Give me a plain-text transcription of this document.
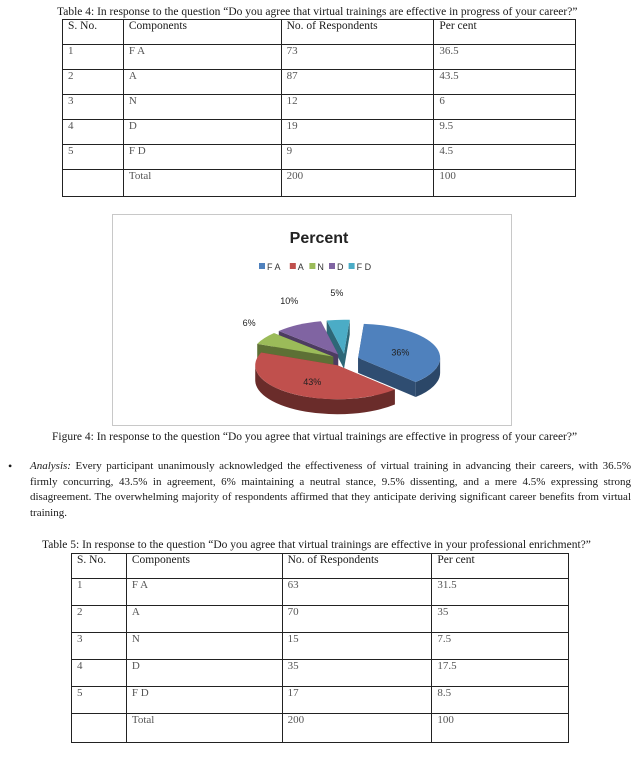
Table 4: In response to the question “Do you agree that virtual trainings are effective in progress of your career?”
S. No.	Components	No. of Respondents	Per cent
1	F A	73	36.5
2	A	87	43.5
3	N	12	6
4	D	19	9.5
5	F D	9	4.5
	Total	200	100
Percent
F A A N D F D
36%
43%
6%
10%
5%
Figure 4: In response to the question “Do you agree that virtual trainings are effective in progress of your career?”
• Analysis: Every participant unanimously acknowledged the effectiveness of virtual training in advancing their careers, with 36.5% firmly concurring, 43.5% in agreement, 6% maintaining a neutral stance, 9.5% dissenting, and a mere 4.5% expressing strong disagreement. The overwhelming majority of respondents affirmed that they anticipate deriving significant career benefits from virtual training.
Table 5: In response to the question “Do you agree that virtual trainings are effective in your professional enrichment?”
S. No.	Components	No. of Respondents	Per cent
1	F A	63	31.5
2	A	70	35
3	N	15	7.5
4	D	35	17.5
5	F D	17	8.5
	Total	200	100
